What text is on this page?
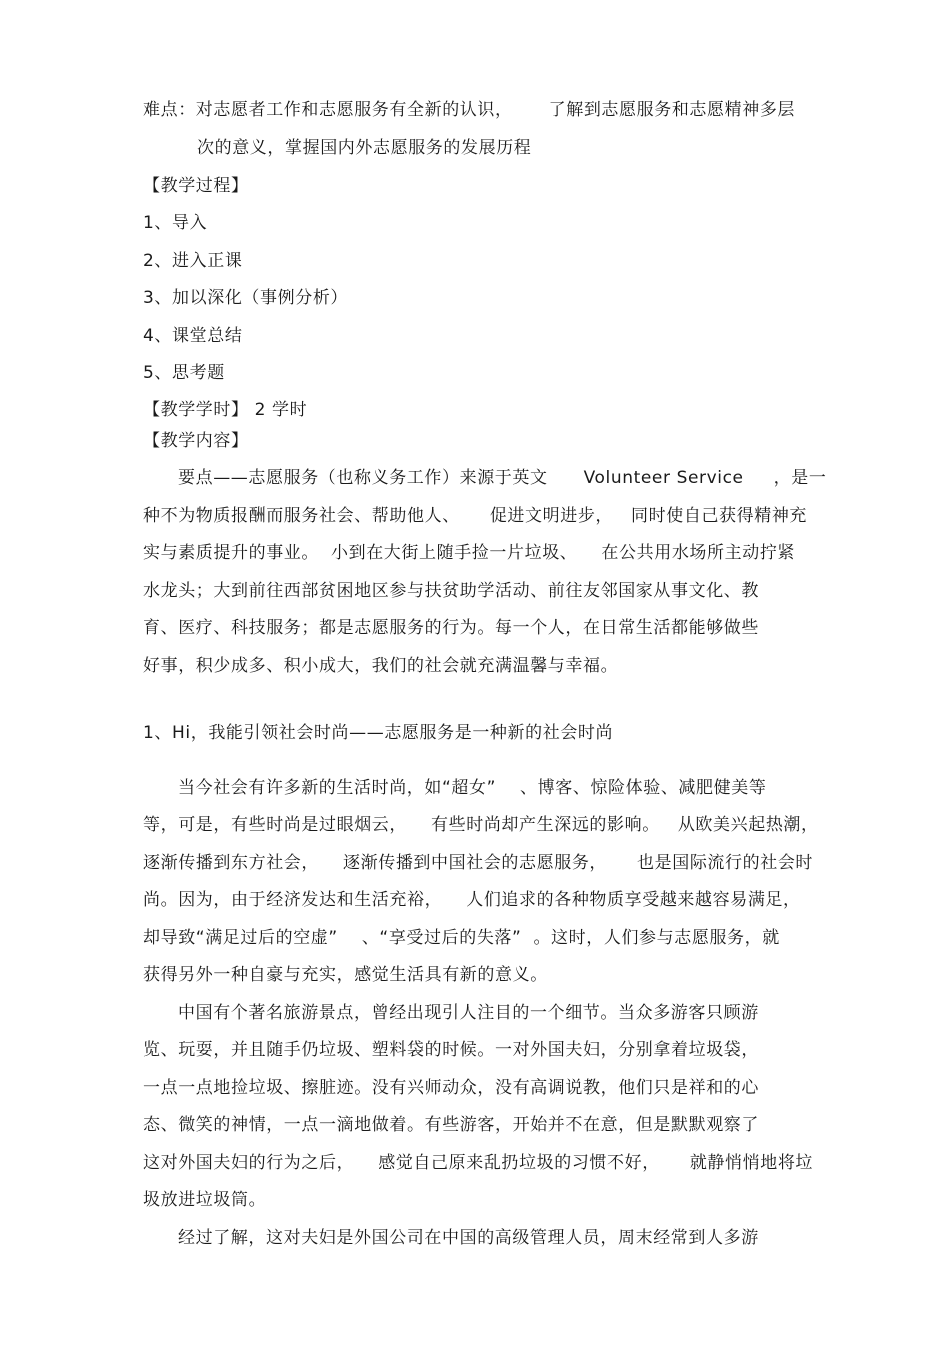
难点：对志愿者工作和志愿服务有全新的认识，      了解到志愿服务和志愿精神多层
次的意义，掌握国内外志愿服务的发展历程
【教学过程】
1、导入
2、进入正课
3、加以深化（事例分析）
4、课堂总结
5、思考题
【教学学时】 2 学时
【教学内容】
要点——志愿服务（也称义务工作）来源于英文      Volunteer Service     ，是一
种不为物质报酬而服务社会、帮助他人、     促进文明进步，   同时使自己获得精神充
实与素质提升的事业。  小到在大街上随手捡一片垃圾、    在公共用水场所主动拧紧
水龙头；大到前往西部贫困地区参与扶贫助学活动、前往友邻国家从事文化、教
育、医疗、科技服务；都是志愿服务的行为。每一个人，在日常生活都能够做些
好事，积少成多、积小成大，我们的社会就充满温馨与幸福。
1、Hi，我能引领社会时尚——志愿服务是一种新的社会时尚
当今社会有许多新的生活时尚，如“超女”    、博客、惊险体验、减肥健美等
等，可是，有些时尚是过眼烟云，    有些时尚却产生深远的影响。   从欧美兴起热潮，
逐渐传播到东方社会，    逐渐传播到中国社会的志愿服务，     也是国际流行的社会时
尚。因为，由于经济发达和生活充裕，    人们追求的各种物质享受越来越容易满足，
却导致“满足过后的空虚”    、“享受过后的失落”  。这时，人们参与志愿服务，就
获得另外一种自豪与充实，感觉生活具有新的意义。
中国有个著名旅游景点，曾经出现引人注目的一个细节。当众多游客只顾游
览、玩耍，并且随手仍垃圾、塑料袋的时候。一对外国夫妇，分别拿着垃圾袋，
一点一点地捡垃圾、擦脏迹。没有兴师动众，没有高调说教，他们只是祥和的心
态、微笑的神情，一点一滴地做着。有些游客，开始并不在意，但是默默观察了
这对外国夫妇的行为之后，    感觉自己原来乱扔垃圾的习惯不好，     就静悄悄地将垃
圾放进垃圾筒。
经过了解，这对夫妇是外国公司在中国的高级管理人员，周末经常到人多游
